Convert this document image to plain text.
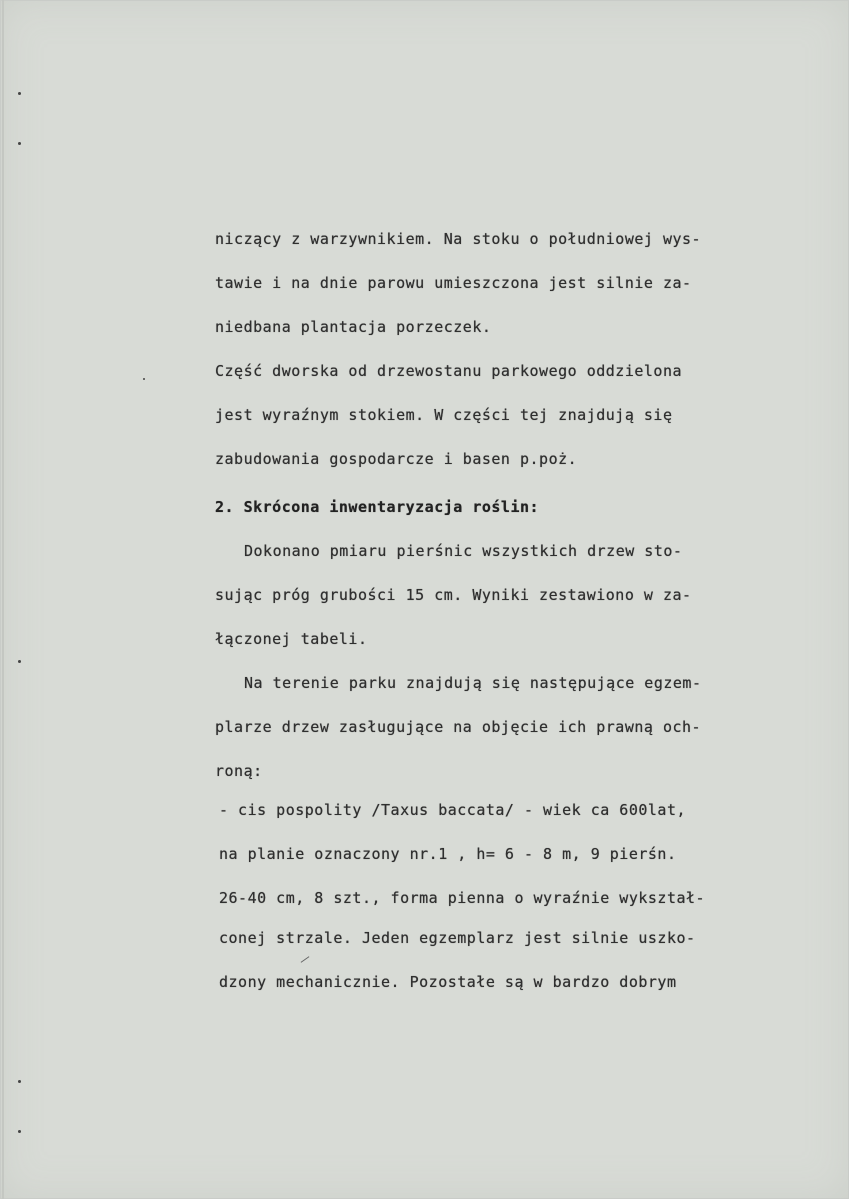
niczący z warzywnikiem. Na stoku o południowej wys-
tawie i na dnie parowu umieszczona jest silnie za-
niedbana plantacja porzeczek.
Część dworska od drzewostanu parkowego oddzielona
jest wyraźnym stokiem. W części tej znajdują się
zabudowania gospodarcze i basen p.poż.
2. Skrócona inwentaryzacja roślin:
Dokonano pmiaru pierśnic wszystkich drzew sto-
sując próg grubości 15 cm. Wyniki zestawiono w za-
łączonej tabeli.
Na terenie parku znajdują się następujące egzem-
plarze drzew zasługujące na objęcie ich prawną och-
roną:
- cis pospolity /Taxus baccata/ - wiek ca 600lat,
na planie oznaczony nr.1 , h= 6 - 8 m, 9 pierśn.
26-40 cm, 8 szt., forma pienna o wyraźnie wykształ-
conej strzale. Jeden egzemplarz jest silnie uszko-
dzony mechanicznie. Pozostałe są w bardzo dobrym
